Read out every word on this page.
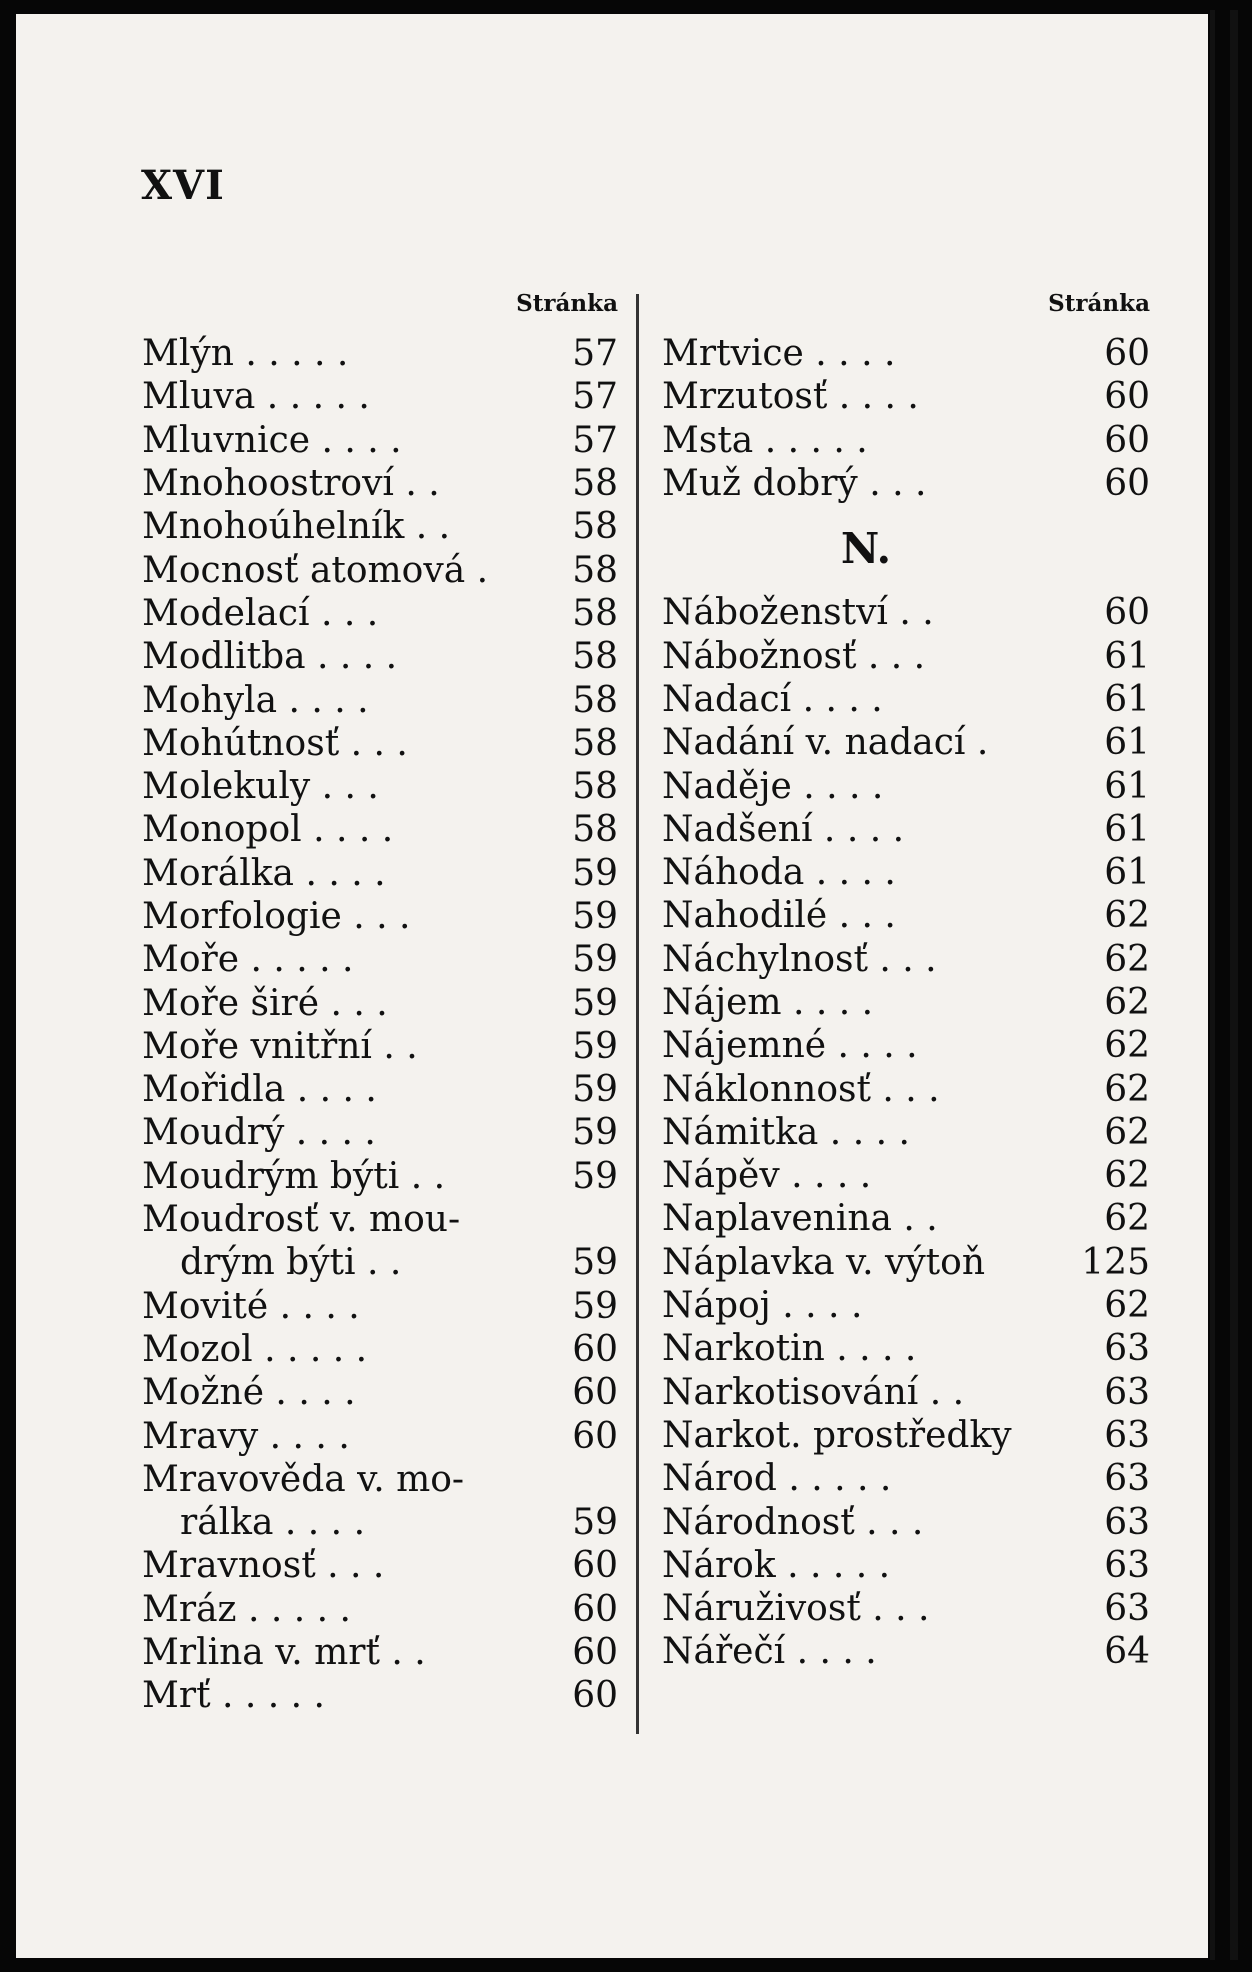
XVI
Stránka
Mlýn . . . . .	57
Mluva . . . . .	57
Mluvnice . . . .	57
Mnohoostroví . .	58
Mnohoúhelník . .	58
Mocnosť atomová .	58
Modelací . . .	58
Modlitba . . . .	58
Mohyla . . . .	58
Mohútnosť . . .	58
Molekuly . . .	58
Monopol . . . .	58
Morálka . . . .	59
Morfologie . . .	59
Moře . . . . .	59
Moře širé . . .	59
Moře vnitřní . .	59
Mořidla . . . .	59
Moudrý . . . .	59
Moudrým býti . .	59
Moudrosť v. mou-
drým býti . .	59
Movité . . . .	59
Mozol . . . . .	60
Možné . . . .	60
Mravy . . . .	60
Mravověda v. mo-
rálka . . . .	59
Mravnosť . . .	60
Mráz . . . . .	60
Mrlina v. mrť . .	60
Mrť . . . . .	60
Stránka
Mrtvice . . . .	60
Mrzutosť . . . .	60
Msta . . . . .	60
Muž dobrý . . .	60
N.
Náboženství . .	60
Nábožnosť . . .	61
Nadací . . . .	61
Nadání v. nadací .	61
Naděje . . . .	61
Nadšení . . . .	61
Náhoda . . . .	61
Nahodilé . . .	62
Náchylnosť . . .	62
Nájem . . . .	62
Nájemné . . . .	62
Náklonnosť . . .	62
Námitka . . . .	62
Nápěv . . . .	62
Naplavenina . .	62
Náplavka v. výtoň	125
Nápoj . . . .	62
Narkotin . . . .	63
Narkotisování . .	63
Narkot. prostředky	63
Národ . . . . .	63
Národnosť . . .	63
Nárok . . . . .	63
Náruživosť . . .	63
Nářečí . . . .	64
